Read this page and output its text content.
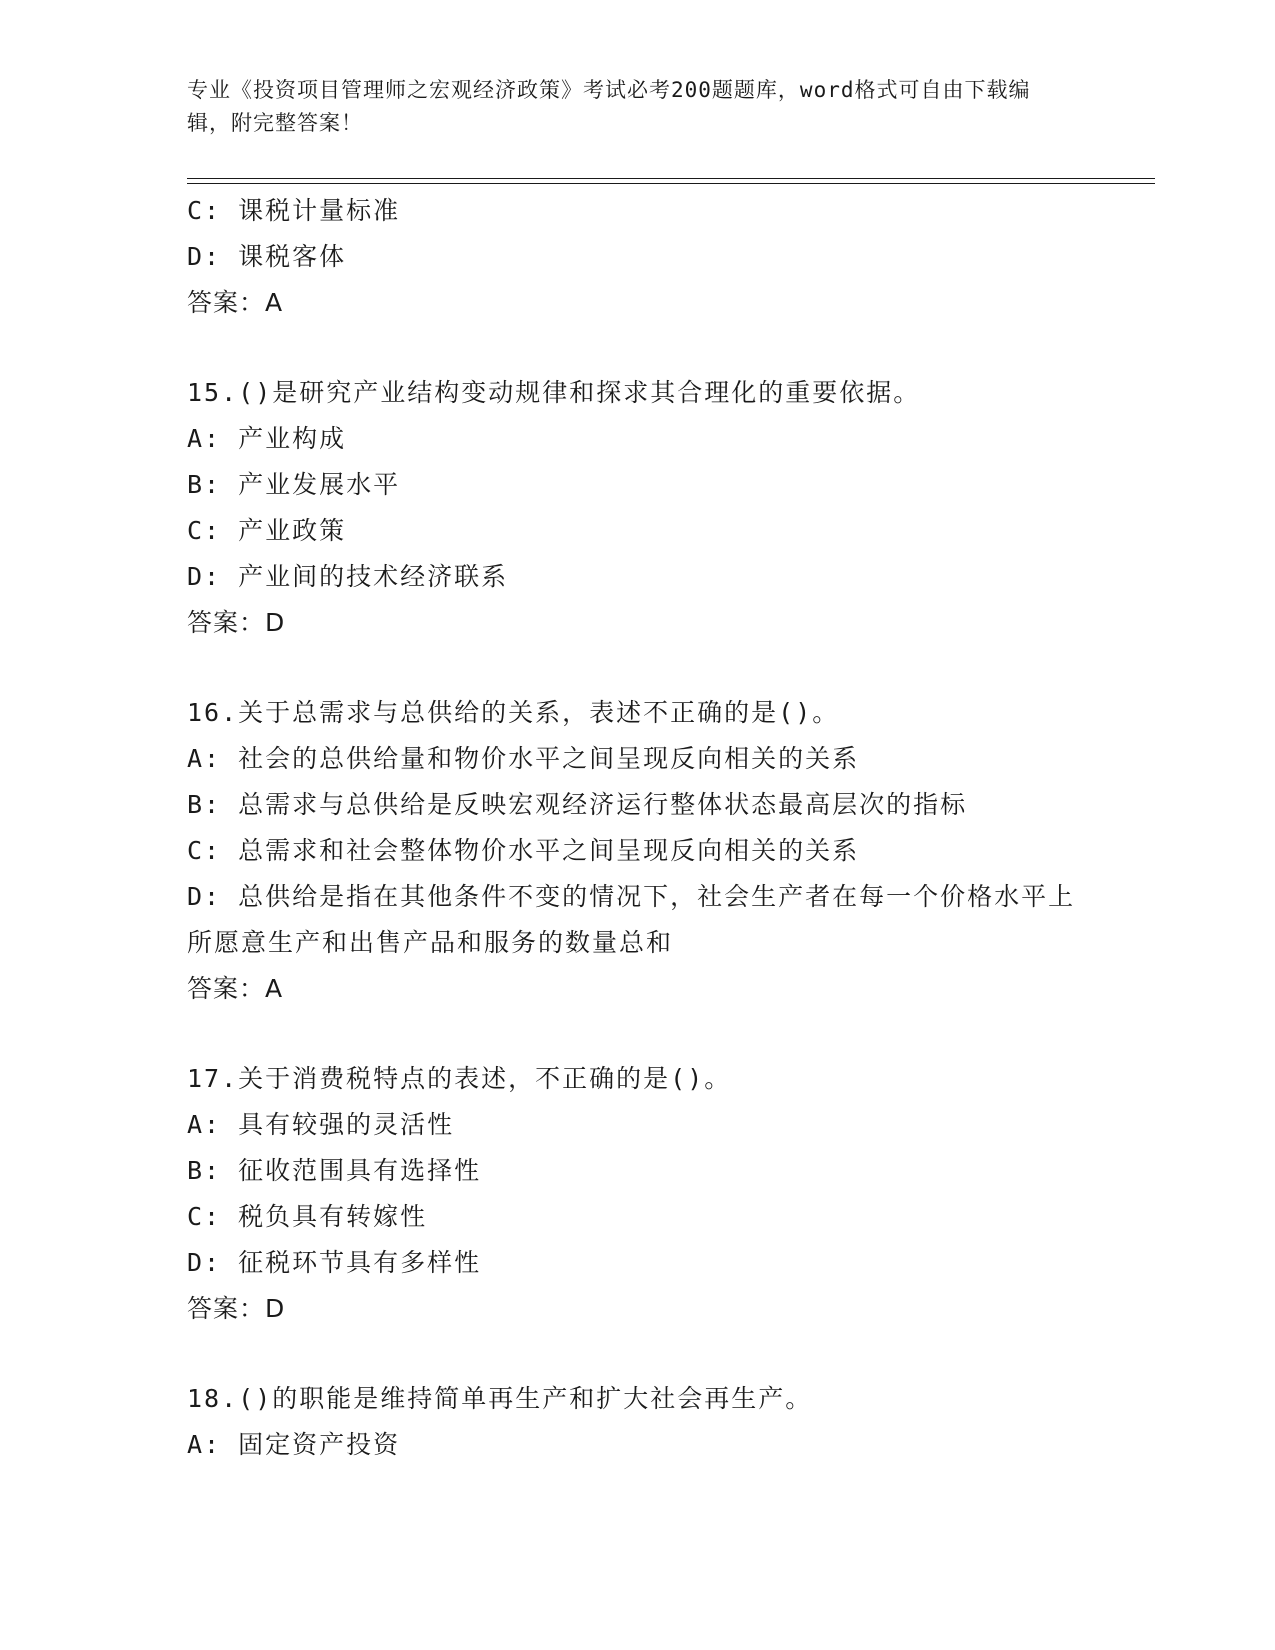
专业《投资项目管理师之宏观经济政策》考试必考200题题库，word格式可自由下载编辑，附完整答案！
C: 课税计量标准
D: 课税客体
答案：A
15.()是研究产业结构变动规律和探求其合理化的重要依据。
A: 产业构成
B: 产业发展水平
C: 产业政策
D: 产业间的技术经济联系
答案：D
16.关于总需求与总供给的关系，表述不正确的是()。
A: 社会的总供给量和物价水平之间呈现反向相关的关系
B: 总需求与总供给是反映宏观经济运行整体状态最高层次的指标
C: 总需求和社会整体物价水平之间呈现反向相关的关系
D: 总供给是指在其他条件不变的情况下，社会生产者在每一个价格水平上所愿意生产和出售产品和服务的数量总和
答案：A
17.关于消费税特点的表述，不正确的是()。
A: 具有较强的灵活性
B: 征收范围具有选择性
C: 税负具有转嫁性
D: 征税环节具有多样性
答案：D
18.()的职能是维持简单再生产和扩大社会再生产。
A: 固定资产投资
